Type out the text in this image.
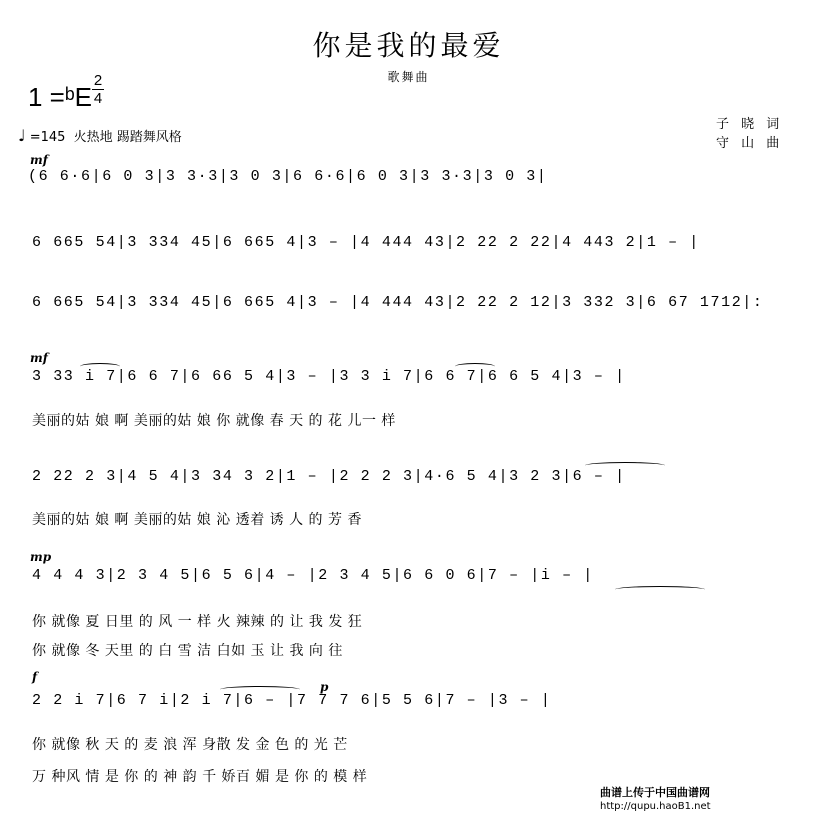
你是我的最爱
歌舞曲
1 =ᵇE
2
4
♩ =145 火热地 踢踏舞风格
子 晓 词
守 山 曲
mf
(6 6·6|6 0 3|3 3·3|3 0 3|6 6·6|6 0 3|3 3·3|3 0 3|
6 665 54|3 334 45|6 665 4|3 – |4 444 43|2 22 2 22|4 443 2|1 – |
6 665 54|3 334 45|6 665 4|3 – |4 444 43|2 22 2 12|3 332 3|6 67 1712|:
mf
3 33 i 7|6 6 7|6 66 5 4|3 – |3 3 i 7|6 6 7|6 6 5 4|3 – |
美丽的姑 娘 啊 美丽的姑 娘 你 就像 春 天 的 花 儿一 样
2 22 2 3|4 5 4|3 34 3 2|1 – |2 2 2 3|4·6 5 4|3 2 3|6 – |
美丽的姑 娘 啊 美丽的姑 娘 沁 透着 诱 人 的 芳 香
mp
4 4 4 3|2 3 4 5|6 5 6|4 – |2 3 4 5|6 6 0 6|7 – |i – |
你 就像 夏 日里 的 风 一 样 火 辣辣 的 让 我 发 狂
你 就像 冬 天里 的 白 雪 洁 白如 玉 让 我 向 往
f
p
2 2 i 7|6 7 i|2 i 7|6 – |7 7 7 6|5 5 6|7 – |3 – |
你 就像 秋 天 的 麦 浪 浑 身散 发 金 色 的 光 芒
万 种风 情 是 你 的 神 韵 千 娇百 媚 是 你 的 模 样
曲谱上传于中国曲谱网
http://qupu.haoB1.net
